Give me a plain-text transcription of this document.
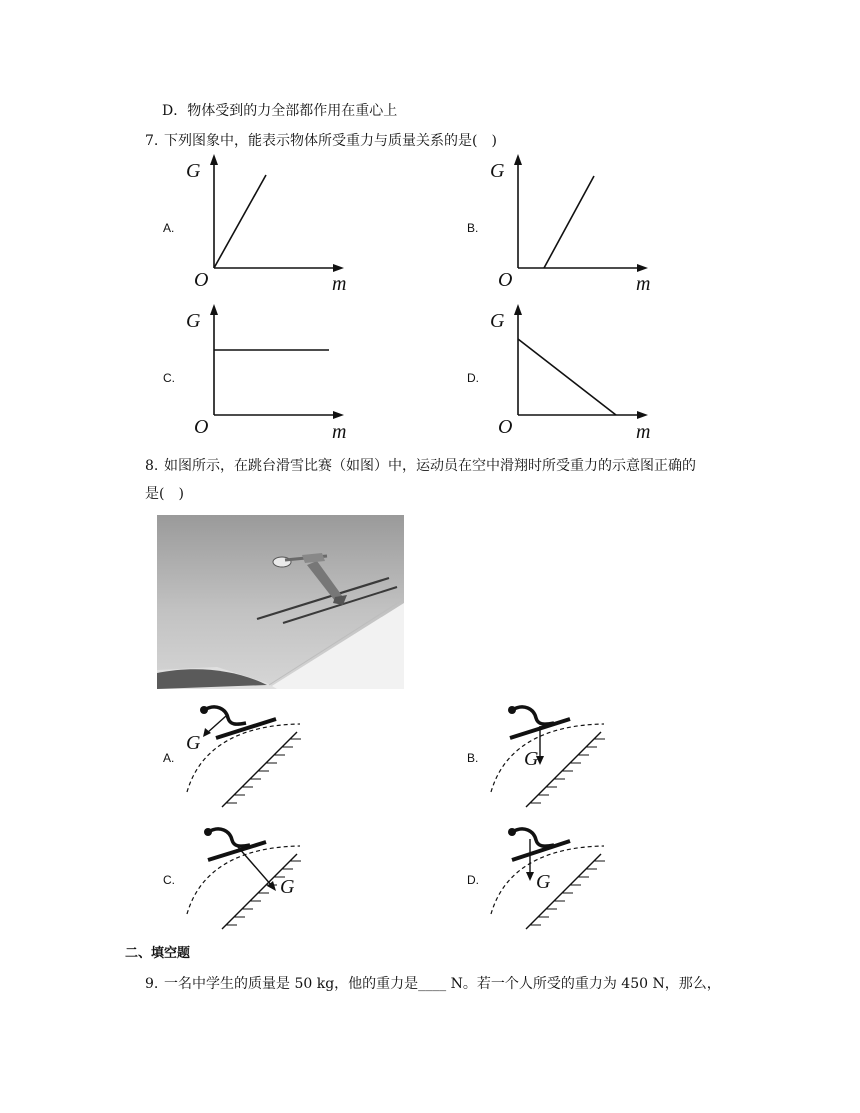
D．物体受到的力全部都作用在重心上
7. 下列图象中，能表示物体所受重力与质量关系的是(　)
A.	B.
C.	D.
G
O	m
G
O	m
G
O	m
G
O	m
8. 如图所示，在跳台滑雪比赛（如图）中，运动员在空中滑翔时所受重力的示意图正确的
是(　)
A.	B.
C.	D.
G
G
G	G
二、填空题
9. 一名中学生的质量是 50 kg，他的重力是____ N。若一个人所受的重力为 450 N，那么，
